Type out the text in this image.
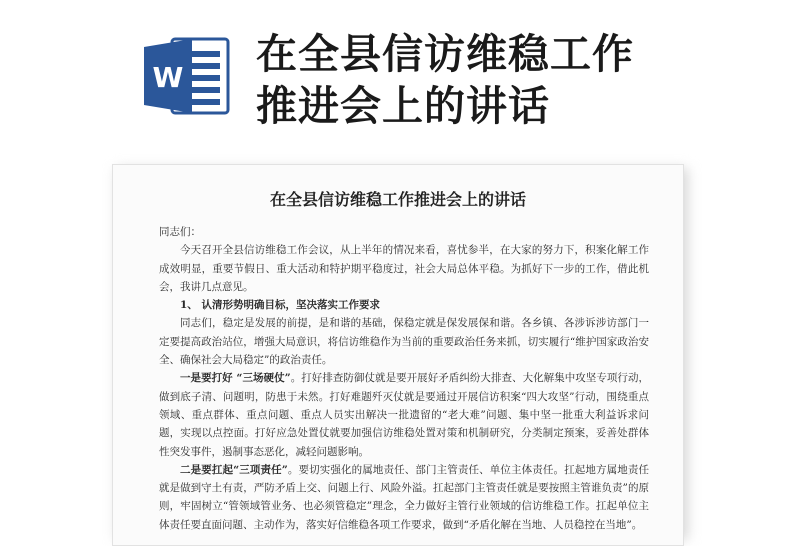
W 在全县信访维稳工作
推进会上的讲话
在全县信访维稳工作推进会上的讲话

同志们：

今天召开全县信访维稳工作会议，从上半年的情况来看，喜忧参半，在大家的努力下，积案化解工作成效明显，重要节假日、重大活动和特护期平稳度过，社会大局总体平稳。为抓好下一步的工作，借此机会，我讲几点意见。

1、 认清形势明确目标，坚决落实工作要求

同志们，稳定是发展的前提，是和谐的基础，保稳定就是保发展保和谐。各乡镇、各涉诉涉访部门一定要提高政治站位，增强大局意识，将信访维稳作为当前的重要政治任务来抓，切实履行“维护国家政治安全、确保社会大局稳定”的政治责任。

一是要打好 “三场硬仗”。打好排查防御仗就是要开展好矛盾纠纷大排查、大化解集中攻坚专项行动，做到底子清、问题明，防患于未然。打好难题歼灭仗就是要通过开展信访积案“四大攻坚”行动，围绕重点领域、重点群体、重点问题、重点人员实出解决一批遗留的“老大难”问题、集中坚一批重大利益诉求问题，实现以点控面。打好应急处置仗就要加强信访维稳处置对策和机制研究，分类制定预案，妥善处群体性突发事件，遏制事态恶化，减轻问题影响。

二是要扛起“三项责任”。要切实强化的属地责任、部门主管责任、单位主体责任。扛起地方属地责任就是做到守土有责，严防矛盾上交、问题上行、风险外溢。扛起部门主管责任就是要按照主管谁负责”的原则，牢固树立“管领域管业务、也必须管稳定”理念，全力做好主管行业领域的信访维稳工作。扛起单位主体责任要直面问题、主动作为，落实好信维稳各项工作要求，做到“矛盾化解在当地、人员稳控在当地”。
